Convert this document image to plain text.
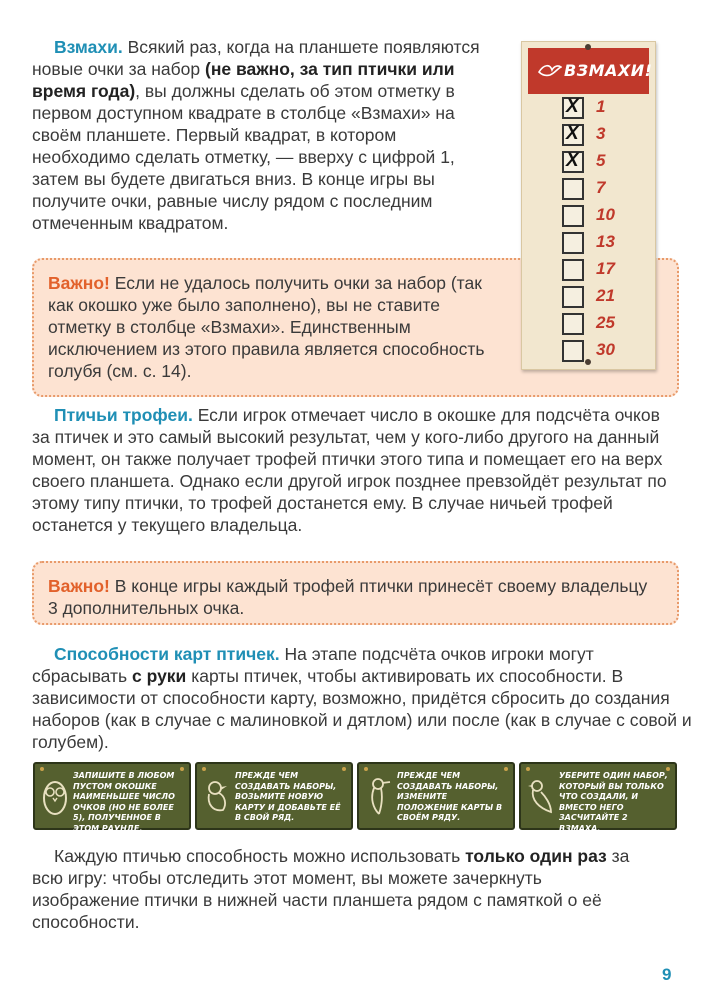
Взмахи. Всякий раз, когда на планшете появляются новые очки за набор (не важно, за тип птички или время года), вы должны сделать об этом отметку в первом доступном квадрате в столбце «Взмахи» на своём планшете. Первый квадрат, в котором необходимо сделать отметку, — вверху с цифрой 1, затем вы будете двигаться вниз. В конце игры вы получите очки, равные числу рядом с последним отмеченным квадратом.
Важно! Если не удалось получить очки за набор (так как окошко уже было заполнено), вы не ставите отметку в столбце «Взмахи». Единственным исключением из этого правила является способность голубя (см. с. 14).
ВЗМАХИ!
X 1
X 3
X 5
7
10
13
17
21
25
30
Птичьи трофеи. Если игрок отмечает число в окошке для подсчёта очков за птичек и это самый высокий результат, чем у кого-либо другого на данный момент, он также получает трофей птички этого типа и помещает его на верх своего планшета. Однако если другой игрок позднее превзойдёт результат по этому типу птички, то трофей достанется ему. В случае ничьей трофей останется у текущего владельца.
Важно! В конце игры каждый трофей птички принесёт своему владельцу 3 дополнительных очка.
Способности карт птичек. На этапе подсчёта очков игроки могут сбрасывать с руки карты птичек, чтобы активировать их способности. В зависимости от способности карту, возможно, придётся сбросить до создания наборов (как в случае с малиновкой и дятлом) или после (как в случае с совой и голубем).
ЗАПИШИТЕ В ЛЮБОМ ПУСТОМ ОКОШКЕ НАИМЕНЬШЕЕ ЧИСЛО ОЧКОВ (НО НЕ БОЛЕЕ 5), ПОЛУЧЕННОЕ В ЭТОМ РАУНДЕ.
ПРЕЖДЕ ЧЕМ СОЗДАВАТЬ НАБОРЫ, ВОЗЬМИТЕ НОВУЮ КАРТУ И ДОБАВЬТЕ ЕЁ В СВОЙ РЯД.
ПРЕЖДЕ ЧЕМ СОЗДАВАТЬ НАБОРЫ, ИЗМЕНИТЕ ПОЛОЖЕНИЕ КАРТЫ В СВОЁМ РЯДУ.
УБЕРИТЕ ОДИН НАБОР, КОТОРЫЙ ВЫ ТОЛЬКО ЧТО СОЗДАЛИ, И ВМЕСТО НЕГО ЗАСЧИТАЙТЕ 2 ВЗМАХА.
Каждую птичью способность можно использовать только один раз за всю игру: чтобы отследить этот момент, вы можете зачеркнуть изображение птички в нижней части планшета рядом с памяткой о её способности.
9
